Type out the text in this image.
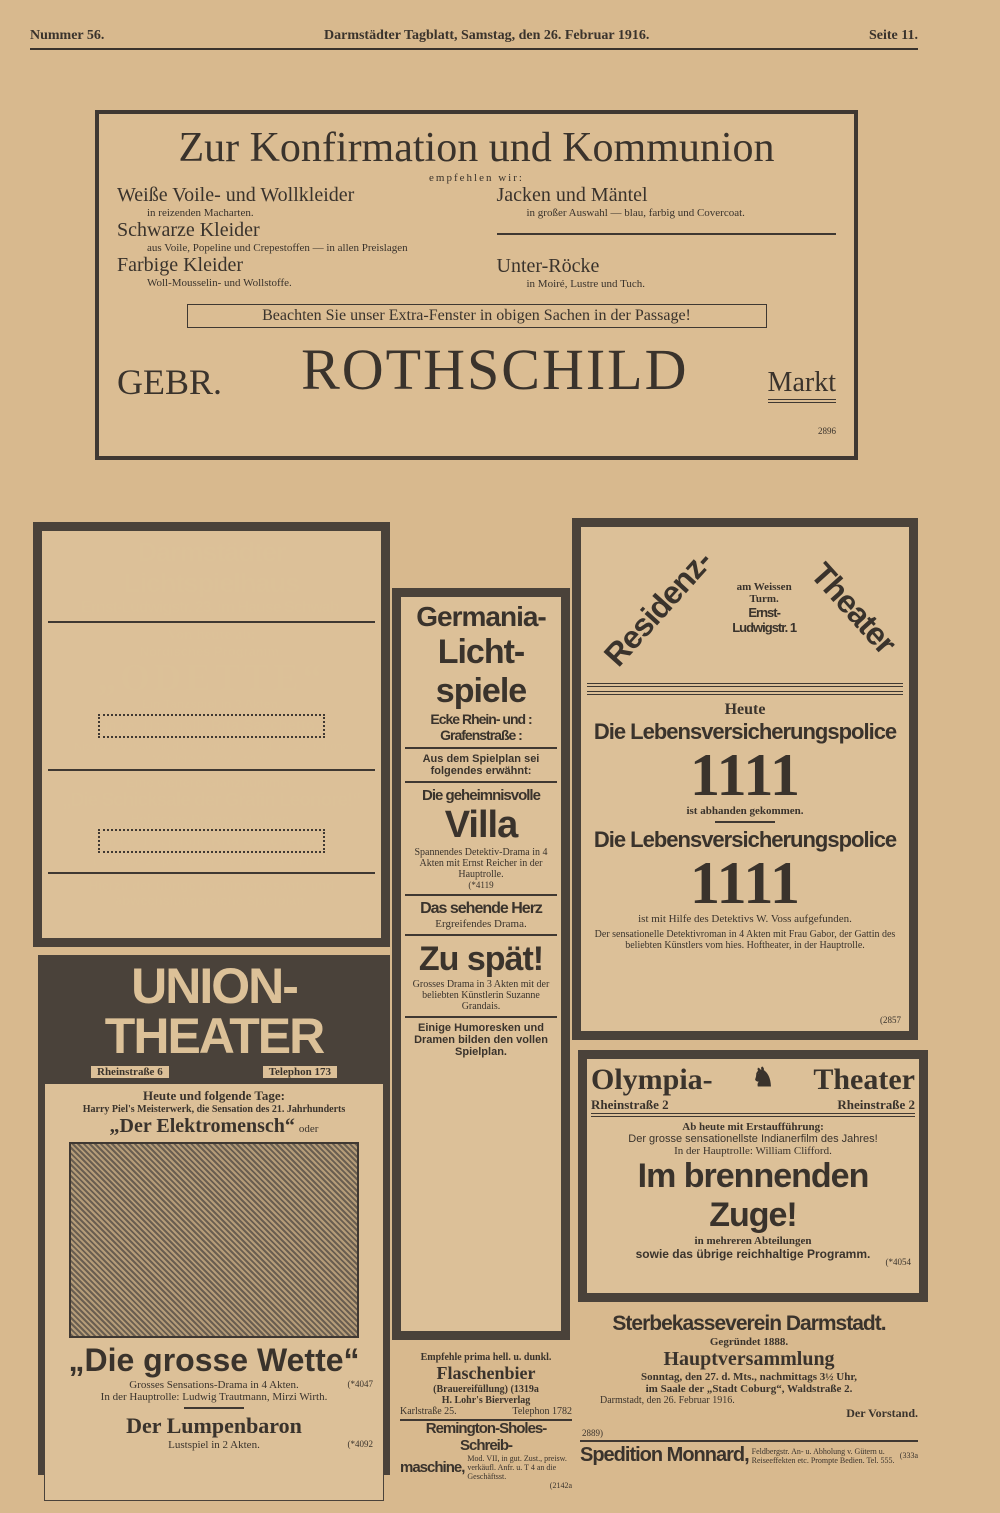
Nummer 56.	Darmstädter Tagblatt, Samstag, den 26. Februar 1916.	Seite 11.
Zur Konfirmation und Kommunion
empfehlen wir:
Weiße Voile- und Wollkleider
in reizenden Macharten.
Schwarze Kleider
aus Voile, Popeline und Crepestoffen — in allen Preislagen
Farbige Kleider
Woll-Mousselin- und Wollstoffe.
Jacken und Mäntel
in großer Auswahl — blau, farbig und Covercoat.
Unter-Röcke
in Moiré, Lustre und Tuch.
Beachten Sie unser Extra-Fenster in obigen Sachen in der Passage!
GEBR. ROTHSCHILD	Markt
2896
Darmstädter Lichtspielhaus
Ernst-Ludwigstr. 23, im Hause Schwab.
Von heute ab:
Nordisches Programm:
„ODETTE“
Ein Tanzspiel in 3 Akten.
In der Hauptrolle Rita Sacchetto.
Niemand versäume die Gelegenheit, sich dieses schöne Meisterwerk anzusehen.
Eine weitere Glanznummer:
„Die Schicksale der Gräfin Leonore!“
Höfisches Drama in 4 Akten.
In der Hauptrolle Rita Sacchetto.
Ein äusserst spannender und interessanter Film.
Hierzu der übrige hochinteressante und abwechslungsreiche Spielplan.
(*4087
UNION-THEATER
Rheinstraße 6	Telephon 173
Heute und folgende Tage:
Harry Piel's Meisterwerk, die Sensation des 21. Jahrhunderts
„Der Elektromensch“ oder
„Die grosse Wette“
Grosses Sensations-Drama in 4 Akten.	(*4047
In der Hauptrolle: Ludwig Trautmann, Mirzi Wirth.
Der Lumpenbaron
Lustspiel in 2 Akten.	(*4092
Germania-
Licht-
spiele
Ecke Rhein- und : Grafenstraße :
Aus dem Spielplan sei folgendes erwähnt:
Die geheimnisvolle
Villa
Spannendes Detektiv-Drama in 4 Akten mit Ernst Reicher in der Hauptrolle.
(*4119
Das sehende Herz
Ergreifendes Drama.
Zu spät!
Grosses Drama in 3 Akten mit der beliebten Künstlerin Suzanne Grandais.
Einige Humoresken und Dramen bilden den vollen Spielplan.
Empfehle prima hell. u. dunkl.
Flaschenbier
(Brauereifüllung) (1319a
H. Lohr's Bierverlag
Karlstraße 25.	Telephon 1782
Remington-Sholes-Schreib-
maschine,
Mod. VII, in gut. Zust., preisw. verkäufl. Anfr. u. T 4 an die Geschäftsst.
(2142a
Residenz-	am Weissen Turm.
Ernst-Ludwigstr. 1 Theater
Heute
Die Lebensversicherungspolice
1111
ist abhanden gekommen.
Die Lebensversicherungspolice
1111
ist mit Hilfe des Detektivs W. Voss aufgefunden.
Der sensationelle Detektivroman in 4 Akten mit Frau Gabor, der Gattin des beliebten Künstlers vom hies. Hoftheater, in der Hauptrolle.
(2857
Olympia- ♞ Theater
Rheinstraße 2	Rheinstraße 2
Ab heute mit Erstaufführung:
Der grosse sensationellste Indianerfilm des Jahres!
In der Hauptrolle: William Clifford.
Im brennenden Zuge!
in mehreren Abteilungen
sowie das übrige reichhaltige Programm.
(*4054
Sterbekasseverein Darmstadt.
Gegründet 1888.
Hauptversammlung
Sonntag, den 27. d. Mts., nachmittags 3½ Uhr,
im Saale der „Stadt Coburg“, Waldstraße 2.
Darmstadt, den 26. Februar 1916.
Der Vorstand.
2889)
Spedition Monnard, Feldbergstr. An- u. Abholung v. Gütern u. Reiseeffekten etc. Prompte Bedien. Tel. 555. (333a
